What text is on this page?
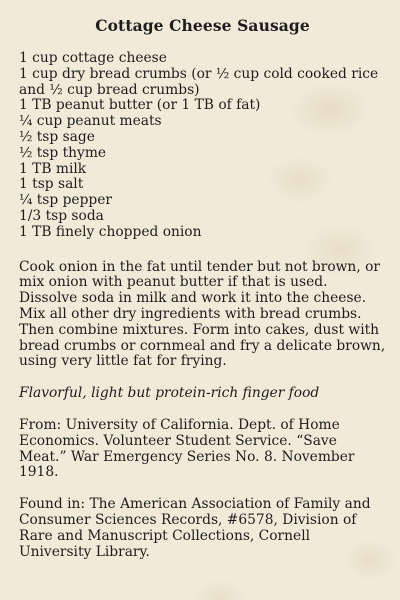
Cottage Cheese Sausage
1 cup cottage cheese
1 cup dry bread crumbs (or ½ cup cold cooked rice and ½ cup bread crumbs)
1 TB peanut butter (or 1 TB of fat)
¼ cup peanut meats
½ tsp sage
½ tsp thyme
1 TB milk
1 tsp salt
¼ tsp pepper
1/3 tsp soda
1 TB finely chopped onion

Cook onion in the fat until tender but not brown, or mix onion with peanut butter if that is used. Dissolve soda in milk and work it into the cheese. Mix all other dry ingredients with bread crumbs. Then combine mixtures. Form into cakes, dust with bread crumbs or cornmeal and fry a delicate brown, using very little fat for frying.

Flavorful, light but protein-rich finger food

From: University of California. Dept. of Home Economics. Volunteer Student Service. “Save Meat.” War Emergency Series No. 8. November 1918.

Found in: The American Association of Family and Consumer Sciences Records, #6578, Division of Rare and Manuscript Collections, Cornell University Library.
